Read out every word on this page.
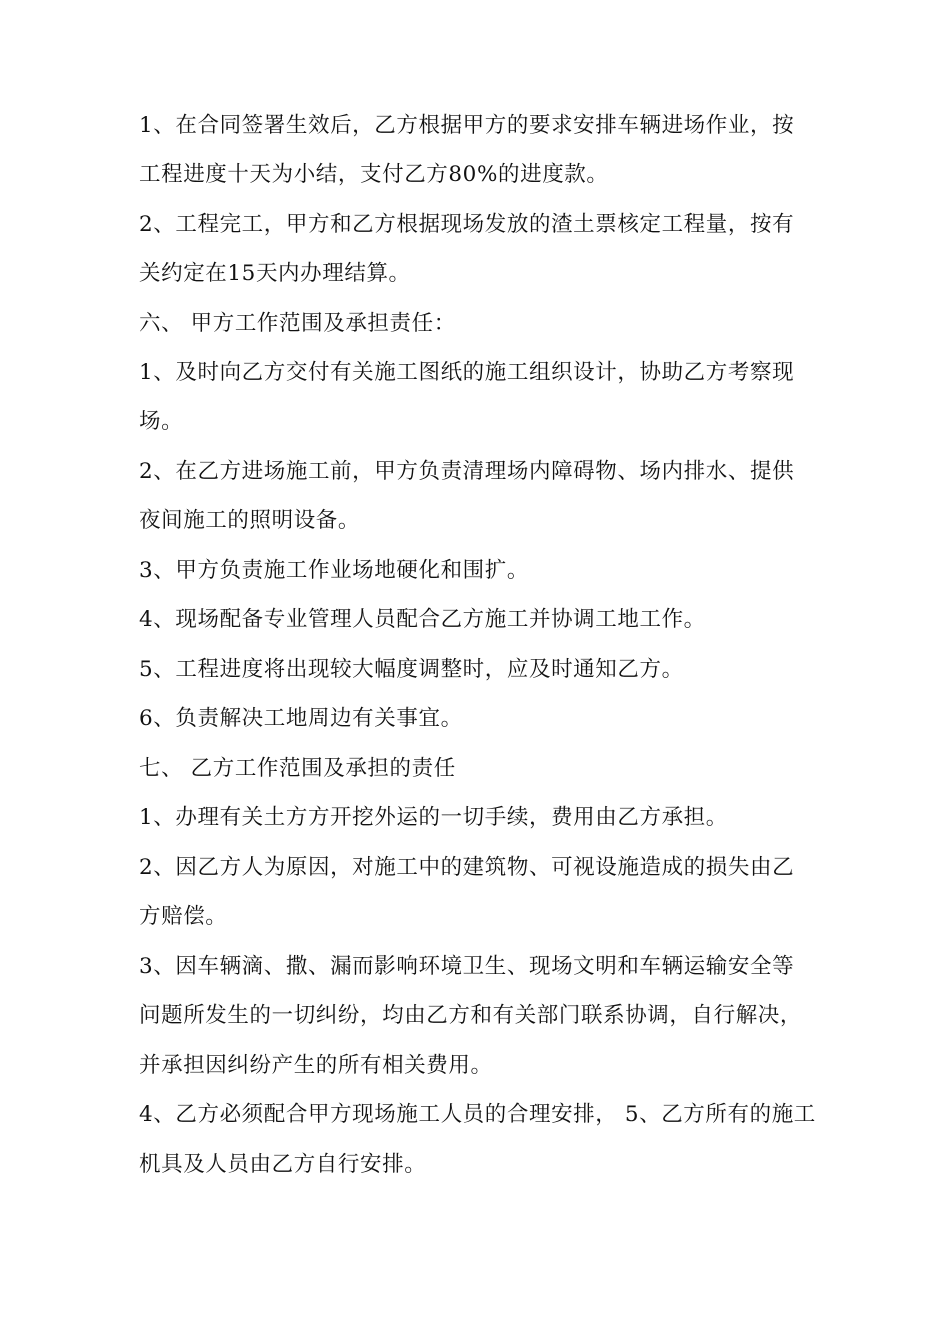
1、在合同签署生效后，乙方根据甲方的要求安排车辆进场作业，按
工程进度十天为小结，支付乙方80%的进度款。
2、工程完工，甲方和乙方根据现场发放的渣土票核定工程量，按有
关约定在15天内办理结算。
六、 甲方工作范围及承担责任：
1、及时向乙方交付有关施工图纸的施工组织设计，协助乙方考察现
场。
2、在乙方进场施工前，甲方负责清理场内障碍物、场内排水、提供
夜间施工的照明设备。
3、甲方负责施工作业场地硬化和围扩。
4、现场配备专业管理人员配合乙方施工并协调工地工作。
5、工程进度将出现较大幅度调整时，应及时通知乙方。
6、负责解决工地周边有关事宜。
七、 乙方工作范围及承担的责任
1、办理有关土方方开挖外运的一切手续，费用由乙方承担。
2、因乙方人为原因，对施工中的建筑物、可视设施造成的损失由乙
方赔偿。
3、因车辆滴、撒、漏而影响环境卫生、现场文明和车辆运输安全等
问题所发生的一切纠纷，均由乙方和有关部门联系协调，自行解决，
并承担因纠纷产生的所有相关费用。
4、乙方必须配合甲方现场施工人员的合理安排， 5、乙方所有的施工
机具及人员由乙方自行安排。
